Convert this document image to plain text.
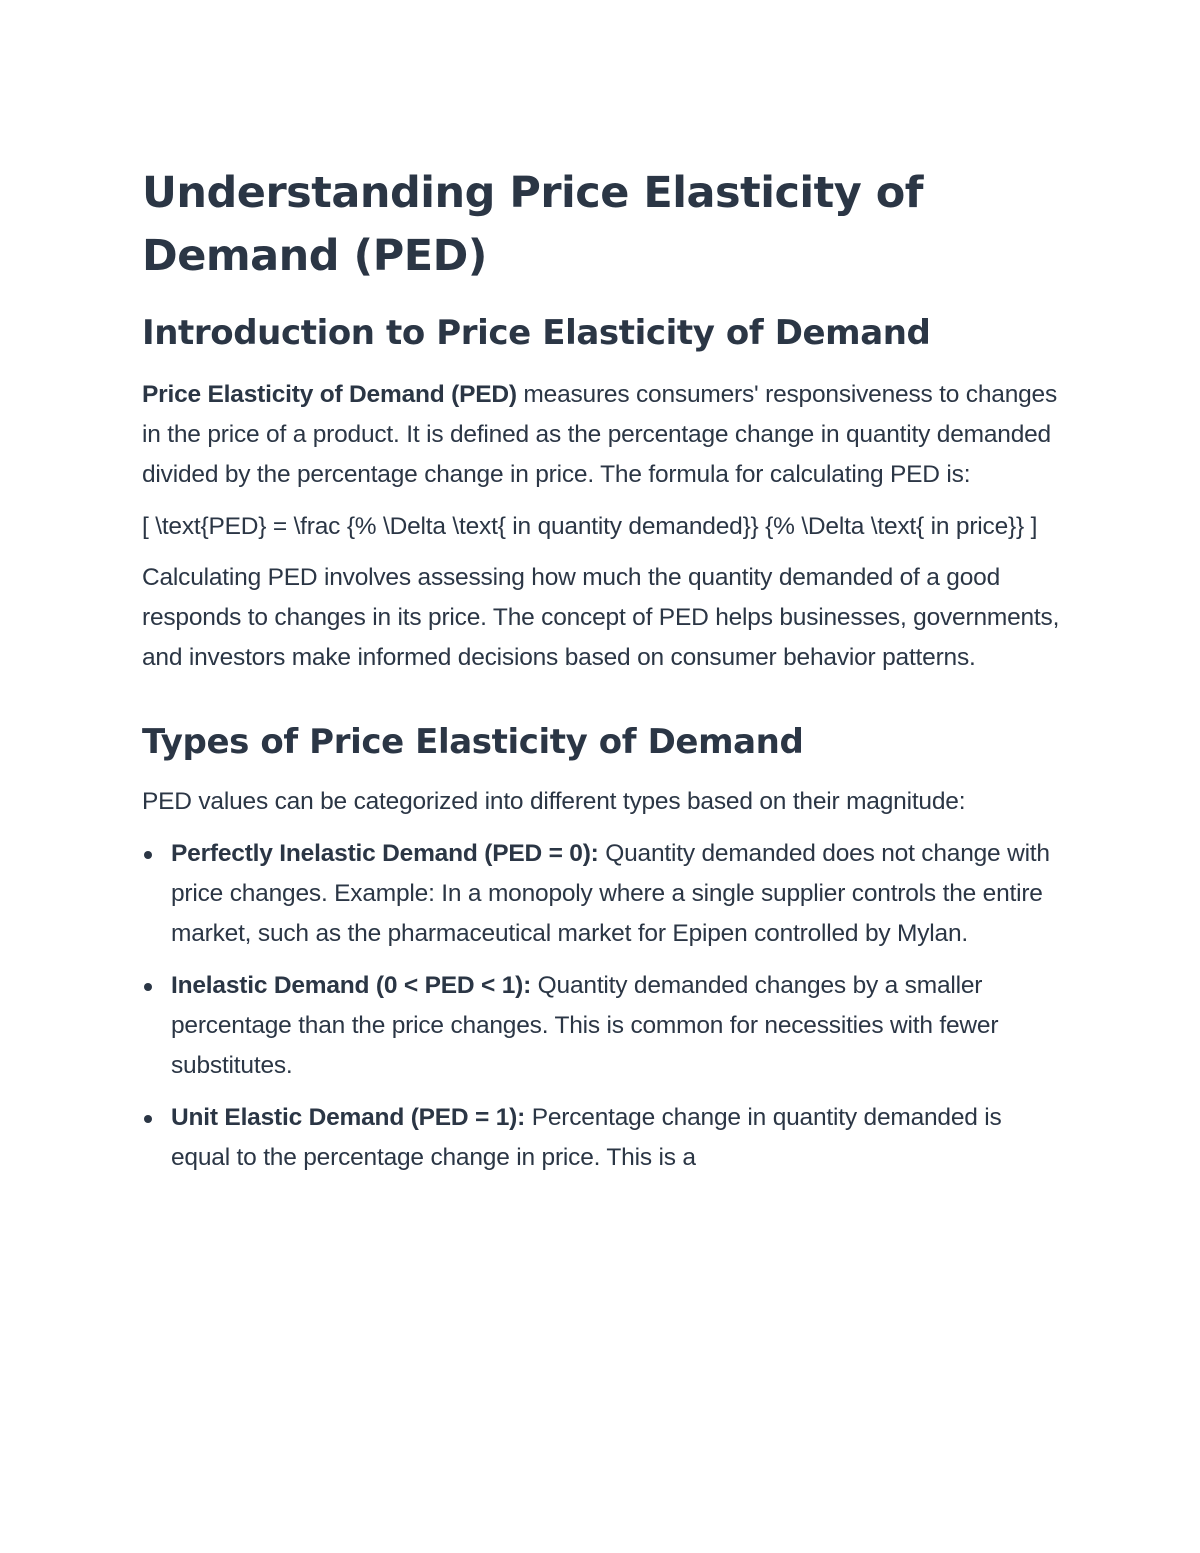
Understanding Price Elasticity of Demand (PED)
Introduction to Price Elasticity of Demand

Price Elasticity of Demand (PED) measures consumers' responsiveness to changes in the price of a product. It is defined as the percentage change in quantity demanded divided by the percentage change in price. The formula for calculating PED is:

[ \text{PED} = \frac {% \Delta \text{ in quantity demanded}} {% \Delta \text{ in price}} ]

Calculating PED involves assessing how much the quantity demanded of a good responds to changes in its price. The concept of PED helps businesses, governments, and investors make informed decisions based on consumer behavior patterns.

Types of Price Elasticity of Demand

PED values can be categorized into different types based on their magnitude:

Perfectly Inelastic Demand (PED = 0): Quantity demanded does not change with price changes. Example: In a monopoly where a single supplier controls the entire market, such as the pharmaceutical market for Epipen controlled by Mylan.
Inelastic Demand (0 < PED < 1): Quantity demanded changes by a smaller percentage than the price changes. This is common for necessities with fewer substitutes.
Unit Elastic Demand (PED = 1): Percentage change in quantity demanded is equal to the percentage change in price. This is a
